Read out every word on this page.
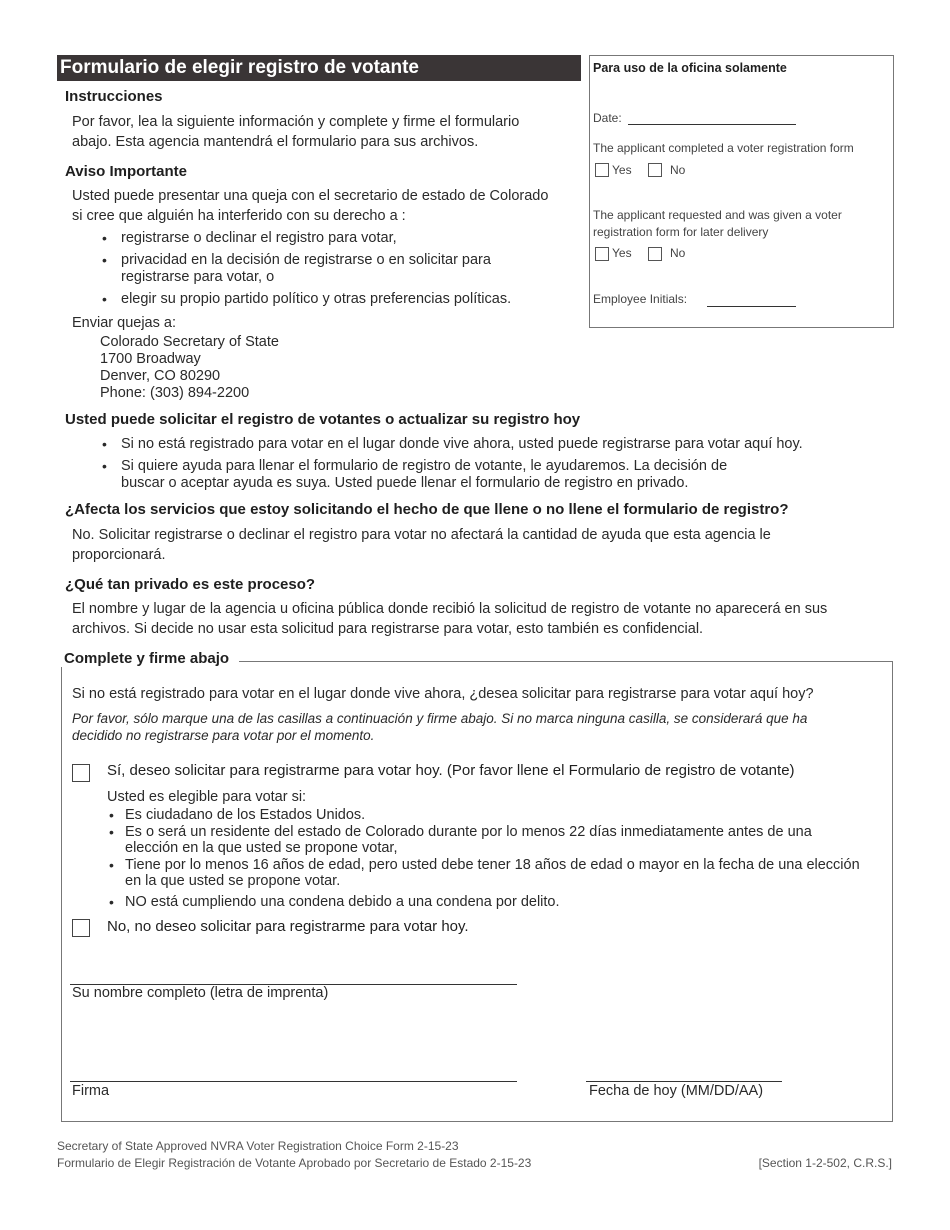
Formulario de elegir registro de votante
Instrucciones
Por favor, lea la siguiente información y complete y firme el formulario
abajo. Esta agencia mantendrá el formulario para sus archivos.
Aviso Importante
Usted puede presentar una queja con el secretario de estado de Colorado
si cree que alguién ha interferido con su derecho a :
• registrarse o declinar el registro para votar,
• privacidad en la decisión de registrarse o en solicitar para registrarse para votar, o
• elegir su propio partido político y otras preferencias políticas.
Enviar quejas a:
Colorado Secretary of State
1700 Broadway
Denver, CO 80290
Phone: (303) 894-2200
Para uso de la oficina solamente
Date:
The applicant completed a voter registration form
Yes	No
The applicant requested and was given a voter
registration form for later delivery
Yes	No
Employee Initials:
Usted puede solicitar el registro de votantes o actualizar su registro hoy
• Si no está registrado para votar en el lugar donde vive ahora, usted puede registrarse para votar aquí hoy.
• Si quiere ayuda para llenar el formulario de registro de votante, le ayudaremos. La decisión de
buscar o aceptar ayuda es suya. Usted puede llenar el formulario de registro en privado.
¿Afecta los servicios que estoy solicitando el hecho de que llene o no llene el formulario de registro?
No. Solicitar registrarse o declinar el registro para votar no afectará la cantidad de ayuda que esta agencia le
proporcionará.
¿Qué tan privado es este proceso?
El nombre y lugar de la agencia u oficina pública donde recibió la solicitud de registro de votante no aparecerá en sus
archivos. Si decide no usar esta solicitud para registrarse para votar, esto también es confidencial.
Complete y firme abajo
Si no está registrado para votar en el lugar donde vive ahora, ¿desea solicitar para registrarse para votar aquí hoy?
Por favor, sólo marque una de las casillas a continuación y firme abajo. Si no marca ninguna casilla, se considerará que ha
decidido no registrarse para votar por el momento.
Sí, deseo solicitar para registrarme para votar hoy. (Por favor llene el Formulario de registro de votante)
Usted es elegible para votar si:
• Es ciudadano de los Estados Unidos.
• Es o será un residente del estado de Colorado durante por lo menos 22 días inmediatamente antes de una elección en la que usted se propone votar,
• Tiene por lo menos 16 años de edad, pero usted debe tener 18 años de edad o mayor en la fecha de una elección en la que usted se propone votar.
• NO está cumpliendo una condena debido a una condena por delito.
No, no deseo solicitar para registrarme para votar hoy.
Su nombre completo (letra de imprenta)
Firma	Fecha de hoy (MM/DD/AA)
Secretary of State Approved NVRA Voter Registration Choice Form 2-15-23
Formulario de Elegir Registración de Votante Aprobado por Secretario de Estado 2-15-23	[Section 1-2-502, C.R.S.]
